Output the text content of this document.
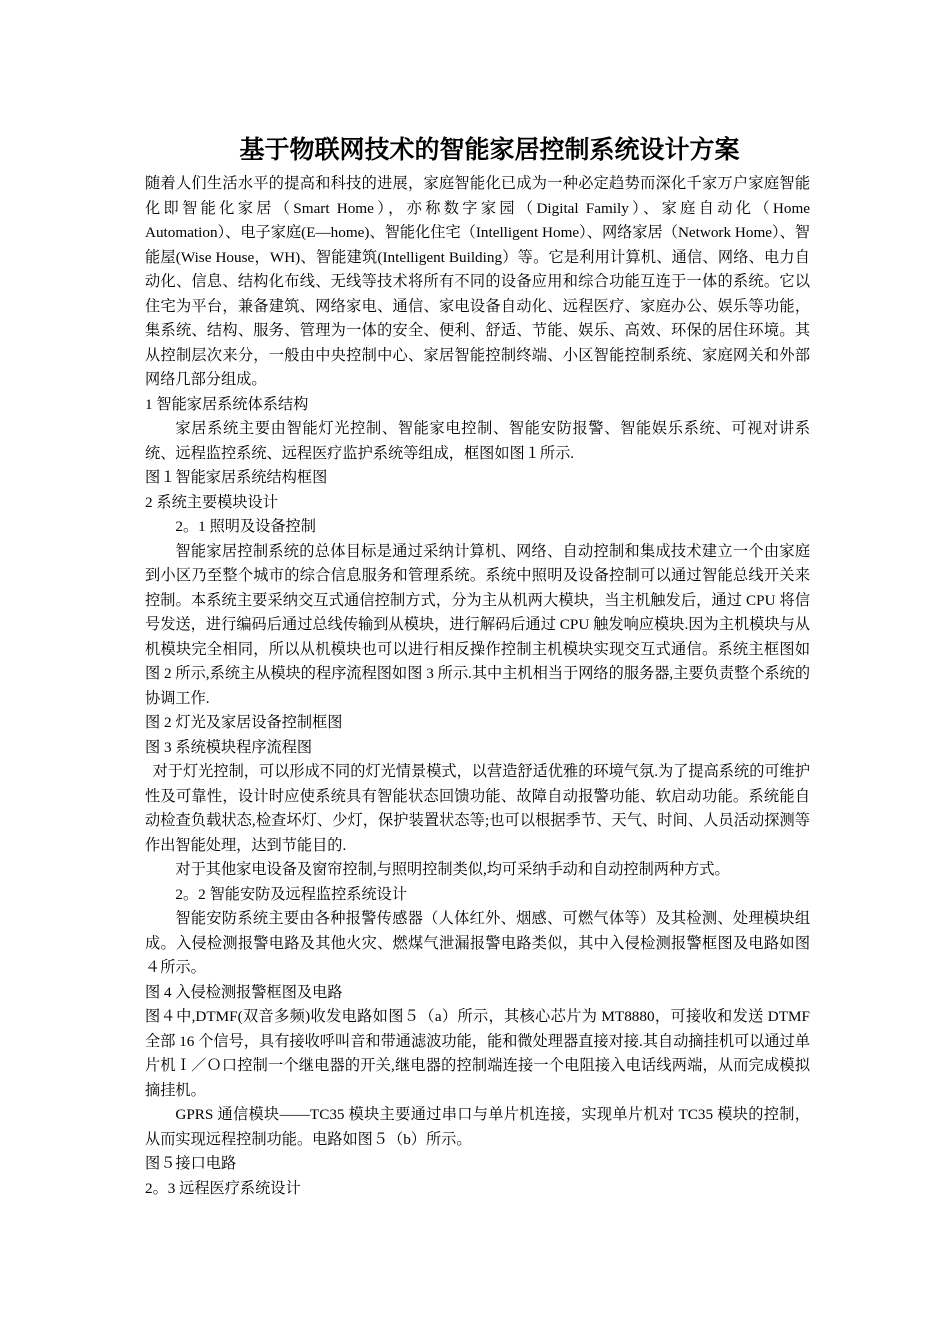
基于物联网技术的智能家居控制系统设计方案

随着人们生活水平的提高和科技的进展，家庭智能化已成为一种必定趋势而深化千家万户家庭智能化即智能化家居（Smart Home），亦称数字家园（Digital Family）、家庭自动化（Home Automation）、电子家庭(E—home)、智能化住宅（Intelligent Home）、网络家居（Network Home）、智能屋(Wise House，WH)、智能建筑(Intelligent Building）等。它是利用计算机、通信、网络、电力自动化、信息、结构化布线、无线等技术将所有不同的设备应用和综合功能互连于一体的系统。它以住宅为平台，兼备建筑、网络家电、通信、家电设备自动化、远程医疗、家庭办公、娱乐等功能，集系统、结构、服务、管理为一体的安全、便利、舒适、节能、娱乐、高效、环保的居住环境。其从控制层次来分，一般由中央控制中心、家居智能控制终端、小区智能控制系统、家庭网关和外部网络几部分组成。

1 智能家居系统体系结构

家居系统主要由智能灯光控制、智能家电控制、智能安防报警、智能娱乐系统、可视对讲系统、远程监控系统、远程医疗监护系统等组成，框图如图１所示.

图１智能家居系统结构框图

2 系统主要模块设计

2。1 照明及设备控制

智能家居控制系统的总体目标是通过采纳计算机、网络、自动控制和集成技术建立一个由家庭到小区乃至整个城市的综合信息服务和管理系统。系统中照明及设备控制可以通过智能总线开关来控制。本系统主要采纳交互式通信控制方式，分为主从机两大模块，当主机触发后，通过 CPU 将信号发送，进行编码后通过总线传输到从模块，进行解码后通过 CPU 触发响应模块.因为主机模块与从机模块完全相同，所以从机模块也可以进行相反操作控制主机模块实现交互式通信。系统主框图如图 2 所示,系统主从模块的程序流程图如图 3 所示.其中主机相当于网络的服务器,主要负责整个系统的协调工作.

图 2 灯光及家居设备控制框图

图 3 系统模块程序流程图

对于灯光控制，可以形成不同的灯光情景模式，以营造舒适优雅的环境气氛.为了提高系统的可维护性及可靠性，设计时应使系统具有智能状态回馈功能、故障自动报警功能、软启动功能。系统能自动检查负载状态,检查坏灯、少灯，保护装置状态等;也可以根据季节、天气、时间、人员活动探测等作出智能处理，达到节能目的.

对于其他家电设备及窗帘控制,与照明控制类似,均可采纳手动和自动控制两种方式。

2。2 智能安防及远程监控系统设计

智能安防系统主要由各种报警传感器（人体红外、烟感、可燃气体等）及其检测、处理模块组成。入侵检测报警电路及其他火灾、燃煤气泄漏报警电路类似，其中入侵检测报警框图及电路如图４所示。

图 4 入侵检测报警框图及电路

图４中,DTMF(双音多频)收发电路如图５（a）所示，其核心芯片为 MT8880，可接收和发送 DTMF 全部 16 个信号，具有接收呼叫音和带通滤波功能，能和微处理器直接对接.其自动摘挂机可以通过单片机Ｉ／Ｏ口控制一个继电器的开关,继电器的控制端连接一个电阻接入电话线两端，从而完成模拟摘挂机。

GPRS 通信模块——TC35 模块主要通过串口与单片机连接，实现单片机对 TC35 模块的控制，从而实现远程控制功能。电路如图５（b）所示。

图５接口电路

2。3 远程医疗系统设计
